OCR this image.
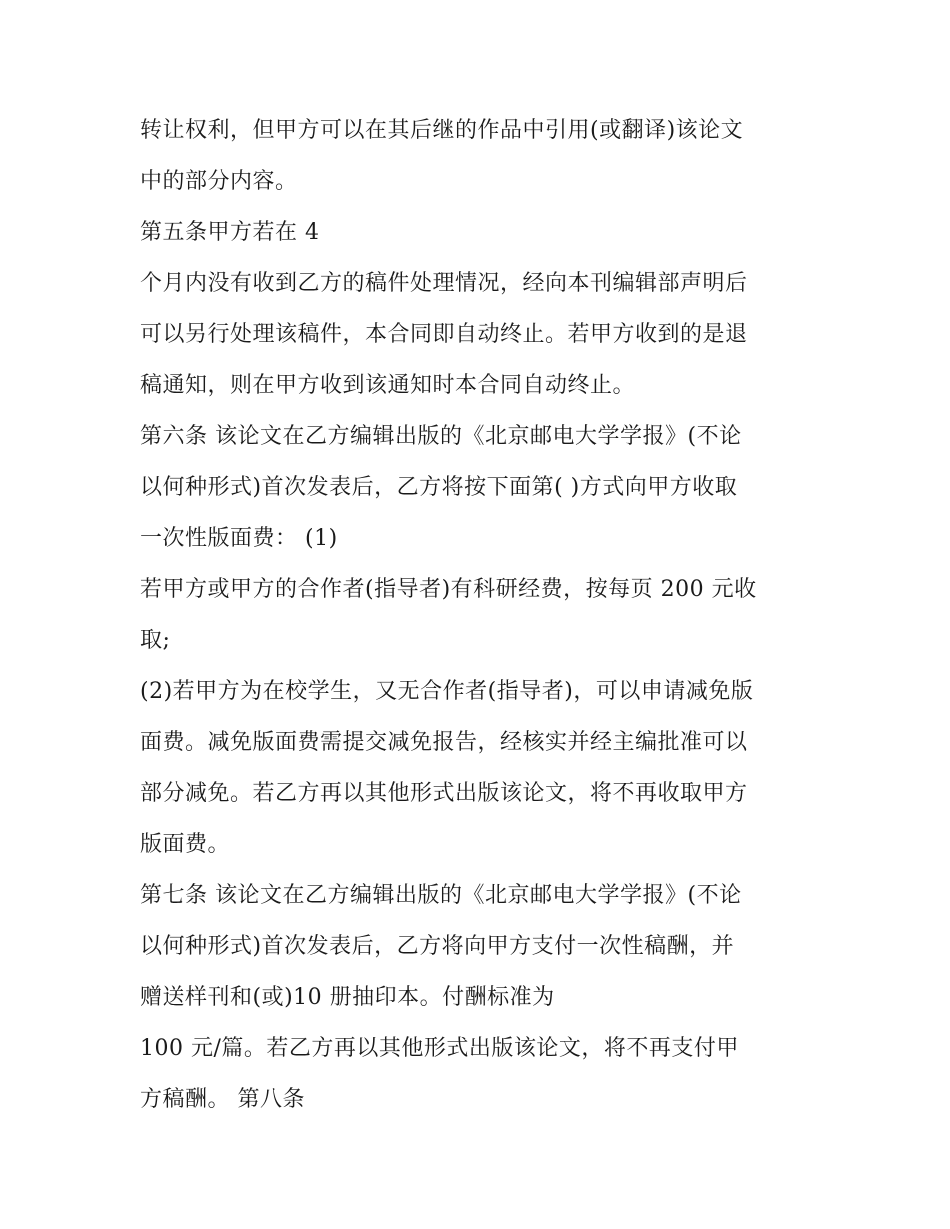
转让权利，但甲方可以在其后继的作品中引用(或翻译)该论文
中的部分内容。
第五条甲方若在 4
个月内没有收到乙方的稿件处理情况，经向本刊编辑部声明后
可以另行处理该稿件，本合同即自动终止。若甲方收到的是退
稿通知，则在甲方收到该通知时本合同自动终止。
第六条 该论文在乙方编辑出版的《北京邮电大学学报》(不论
以何种形式)首次发表后，乙方将按下面第( )方式向甲方收取
一次性版面费： (1)
若甲方或甲方的合作者(指导者)有科研经费，按每页 200 元收
取;
(2)若甲方为在校学生，又无合作者(指导者)，可以申请减免版
面费。减免版面费需提交减免报告，经核实并经主编批准可以
部分减免。若乙方再以其他形式出版该论文，将不再收取甲方
版面费。
第七条 该论文在乙方编辑出版的《北京邮电大学学报》(不论
以何种形式)首次发表后，乙方将向甲方支付一次性稿酬，并
赠送样刊和(或)10 册抽印本。付酬标准为
100 元/篇。若乙方再以其他形式出版该论文，将不再支付甲
方稿酬。 第八条
